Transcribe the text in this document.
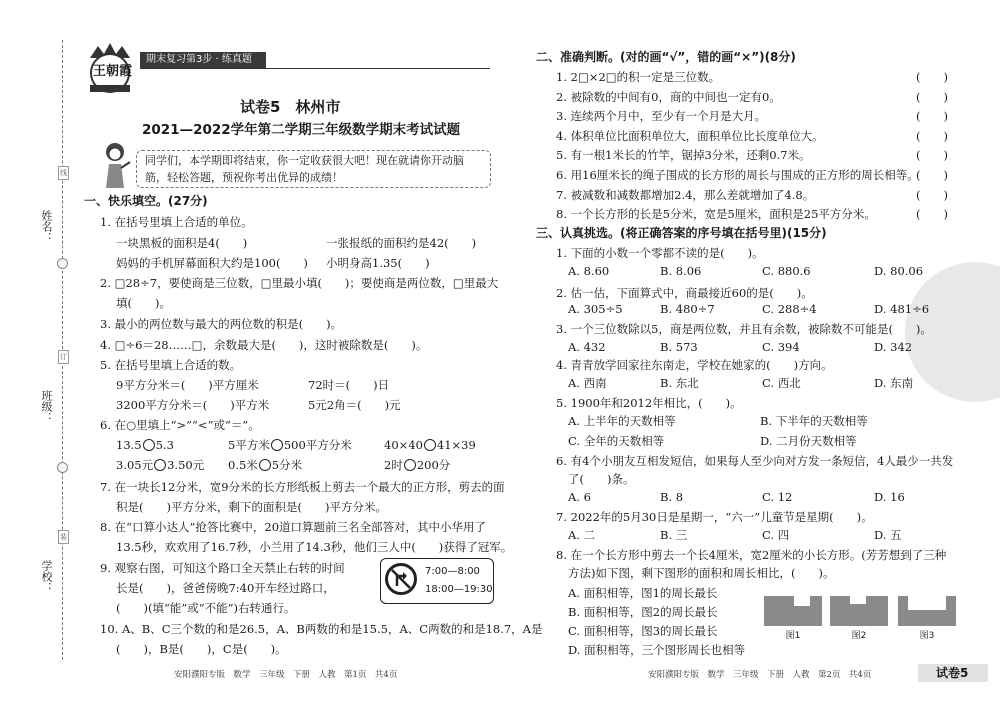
线
订
装
姓名：
班级：
学校：
王朝霞
期末复习第3步 · 练真题
试卷5　林州市
2021—2022学年第二学期三年级数学期末考试试题
同学们，本学期即将结束，你一定收获很大吧！现在就请你开动脑筋，轻松答题，预祝你考出优异的成绩！
一、快乐填空。(27分)
1. 在括号里填上合适的单位。
一块黑板的面积是4(　　)	一张报纸的面积约是42(　　)
妈妈的手机屏幕面积大约是100(　　) 小明身高1.35(　　)
2. □28÷7，要使商是三位数，□里最小填(　　)；要使商是两位数，□里最大
填(　　)。
3. 最小的两位数与最大的两位数的积是(　　)。
4. □÷6＝28……□，余数最大是(　　)，这时被除数是(　　)。
5. 在括号里填上合适的数。
9平方分米＝(　　)平方厘米	72时＝(　　)日
3200平方分米＝(　　)平方米	5元2角＝(　　)元
6. 在○里填上“>”“<”或“＝”。
13.5 5.3	5平方米 500平方分米	40×40 41×39
3.05元 3.50元 0.5米 5分米	2时 200分
7. 在一块长12分米，宽9分米的长方形纸板上剪去一个最大的正方形，剪去的面
积是(　　)平方分米，剩下的面积是(　　)平方分米。
8. 在“口算小达人”抢答比赛中，20道口算题前三名全部答对，其中小华用了
13.5秒，欢欢用了16.7秒，小兰用了14.3秒，他们三人中(　　)获得了冠军。
9. 观察右图，可知这个路口全天禁止右转的时间
长是(　　)，爸爸傍晚7:40开车经过路口，
(　　)(填“能”或“不能”)右转通行。
7:00—8:00
18:00—19:30
10. A、B、C三个数的和是26.5，A、B两数的和是15.5，A、C两数的和是18.7，A是
(　　)，B是(　　)，C是(　　)。
安阳濮阳专版　数学　三年级　下册　人教　第1页　共4页
二、准确判断。(对的画“√”，错的画“×”)(8分)
1. 2□×2□的积一定是三位数。	(　　)
2. 被除数的中间有0，商的中间也一定有0。	(　　)
3. 连续两个月中，至少有一个月是大月。	(　　)
4. 体积单位比面积单位大，面积单位比长度单位大。	(　　)
5. 有一根1米长的竹竿，锯掉3分米，还剩0.7米。	(　　)
6. 用16厘米长的绳子围成的长方形的周长与围成的正方形的周长相等。
(　　)
7. 被减数和减数都增加2.4，那么差就增加了4.8。	(　　)
8. 一个长方形的长是5分米，宽是5厘米，面积是25平方分米。	(　　)
三、认真挑选。(将正确答案的序号填在括号里)(15分)
1. 下面的小数一个零都不读的是(　　)。
A. 8.60	B. 8.06	C. 880.6	D. 80.06
2. 估一估，下面算式中，商最接近60的是(　　)。
A. 305÷5	B. 480÷7	C. 288÷4	D. 481÷6
3. 一个三位数除以5，商是两位数，并且有余数，被除数不可能是(　　)。
A. 432	B. 573	C. 394	D. 342
4. 青青放学回家往东南走，学校在她家的(　　)方向。
A. 西南	B. 东北	C. 西北	D. 东南
5. 1900年和2012年相比，(　　)。
A. 上半年的天数相等	B. 下半年的天数相等
C. 全年的天数相等	D. 二月份天数相等
6. 有4个小朋友互相发短信，如果每人至少向对方发一条短信，4人最少一共发
了(　　)条。
A. 6	B. 8	C. 12	D. 16
7. 2022年的5月30日是星期一，“六一”儿童节是星期(　　)。
A. 二	B. 三	C. 四	D. 五
8. 在一个长方形中剪去一个长4厘米，宽2厘米的小长方形。(芳芳想到了三种
方法)如下图，剩下图形的面积和周长相比，(　　)。
A. 面积相等，图1的周长最长
B. 面积相等，图2的周长最长
C. 面积相等，图3的周长最长
D. 面积相等，三个图形周长也相等
图1	图2	图3
安阳濮阳专版　数学　三年级　下册　人教　第2页　共4页	试卷5
